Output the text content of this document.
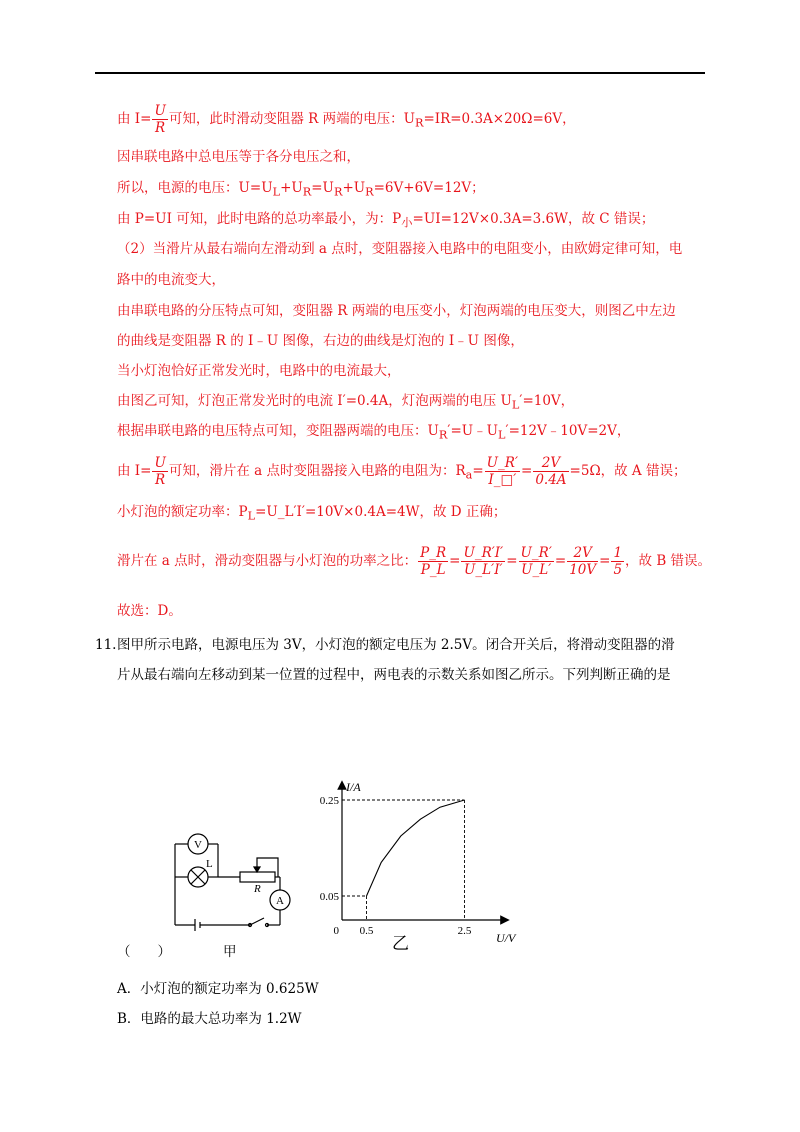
由 $I= \frac{U}{R}$ 可知，此时滑动变阻器 R 两端的电压：$U_R=IR=0.3A\times 20\Omega=6V$，
因串联电路中总电压等于各分电压之和，
所以，电源的电压：$U=U_L+U_R=U_R+U_R=6V+6V=12V$；
由 P=UI 可知，此时电路的总功率最小，为：$P_小=UI=12V\times 0.3A=3.6W$，故 C 错误；
（2）当滑片从最右端向左滑动到 a 点时，变阻器接入电路中的电阻变小，由欧姆定律可知，电
路中的电流变大，
由串联电路的分压特点可知，变阻器 R 两端的电压变小，灯泡两端的电压变大，则图乙中左边
的曲线是变阻器 R 的 I﹣U 图像，右边的曲线是灯泡的 I﹣U 图像，
当小灯泡恰好正常发光时，电路中的电流最大，
由图乙可知，灯泡正常发光时的电流 I′=0.4A，灯泡两端的电压 $U_L'=10V$，
根据串联电路的电压特点可知，变阻器两端的电压：$U_R'=U﹣U_L'=12V﹣10V=2V$，
由 $I= \frac{U}{R}$ 可知，滑片在 a 点时变阻器接入电路的电阻为：$R_a= \frac{U\_R'}{I\_□'} = \frac{2V}{0.4A} =5\Omega$，故 A 错误；
小灯泡的额定功率：$P_L=U\_L'I'=10V\times 0.4A=4W$，故 D 正确；
滑片在 a 点时，滑动变阻器与小灯泡的功率之比： $\frac{P\_R}{P\_L} = \frac{U\_R'I'}{U\_L'I'} = \frac{U\_R'}{U\_L'} = \frac{2V}{10V} = \frac{1}{5}$ ，故 B 错误。
故选：D。
11. 图甲所示电路，电源电压为 3V，小灯泡的额定电压为 2.5V。闭合开关后，将滑动变阻器的滑
片从最右端向左移动到某一位置的过程中，两电表的示数关系如图乙所示。下列判断正确的是
V
L
R
A
（　　）	甲
I/A
U/V
0 0.5	2.5
0.05
0.25
乙
A．小灯泡的额定功率为 0.625W
B．电路的最大总功率为 1.2W
